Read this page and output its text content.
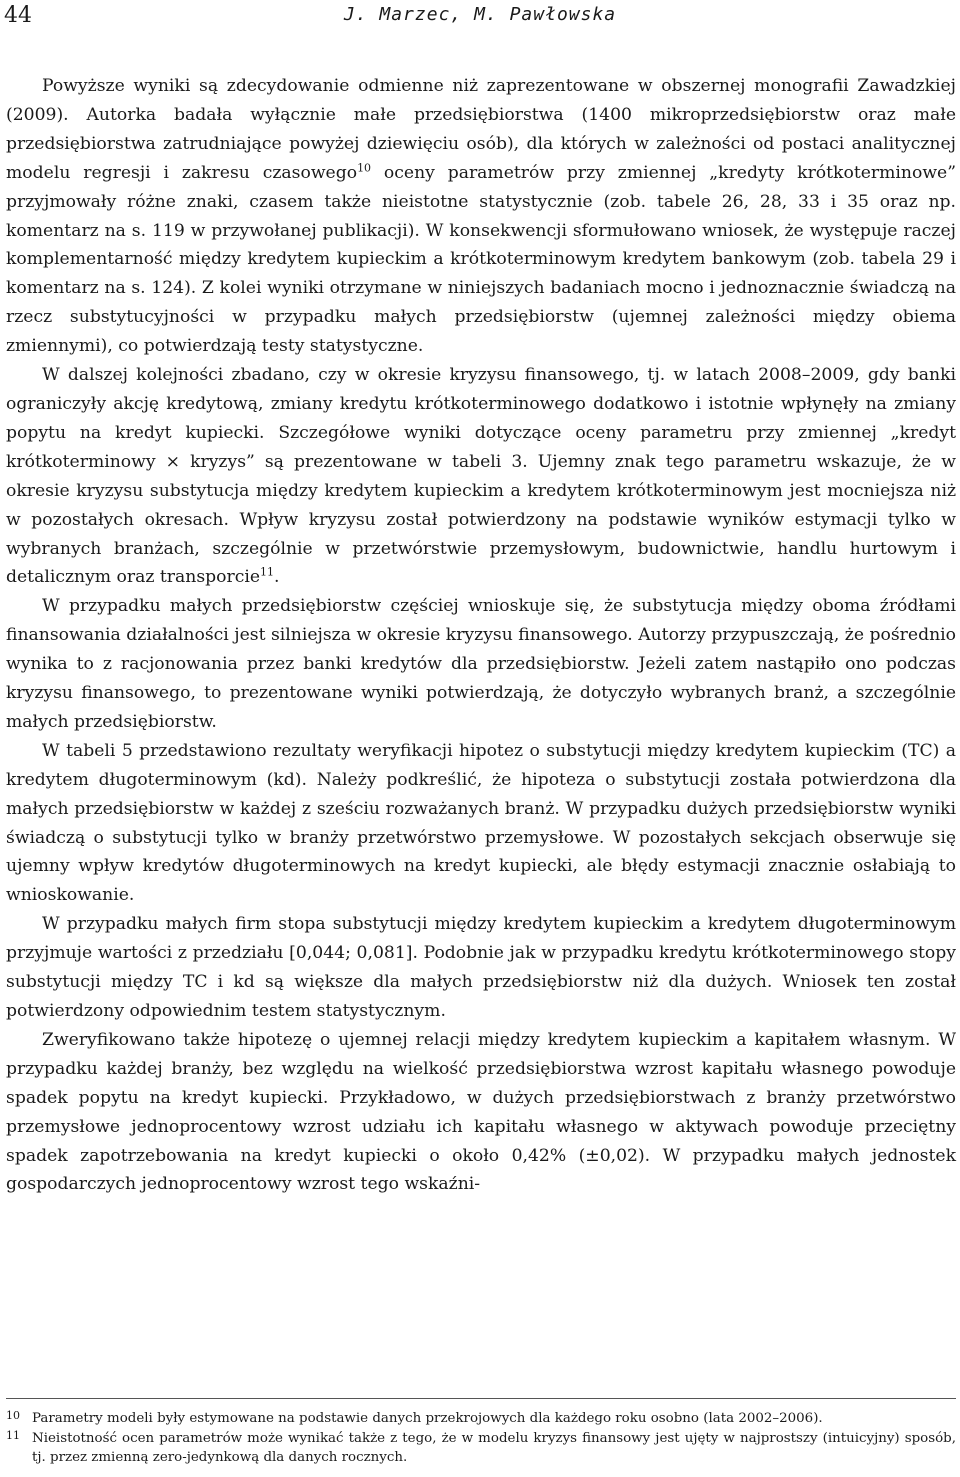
44	J. Marzec, M. Pawłowska

Powyższe wyniki są zdecydowanie odmienne niż zaprezentowane w obszernej monografii Zawadzkiej (2009). Autorka badała wyłącznie małe przedsiębiorstwa (1400 mikroprzedsiębiorstw oraz małe przedsiębiorstwa zatrudniające powyżej dziewięciu osób), dla których w zależności od postaci analitycznej modelu regresji i zakresu czasowego$^{10}$ oceny parametrów przy zmiennej „kredyty krótkoterminowe” przyjmowały różne znaki, czasem także nieistotne statystycznie (zob. tabele 26, 28, 33 i 35 oraz np. komentarz na s. 119 w przywołanej publikacji). W konsekwencji sformułowano wniosek, że występuje raczej komplementarność między kredytem kupieckim a krótkoterminowym kredytem bankowym (zob. tabela 29 i komentarz na s. 124). Z kolei wyniki otrzymane w niniejszych badaniach mocno i jednoznacznie świadczą na rzecz substytucyjności w przypadku małych przedsiębiorstw (ujemnej zależności między obiema zmiennymi), co potwierdzają testy statystyczne.

W dalszej kolejności zbadano, czy w okresie kryzysu finansowego, tj. w latach 2008–2009, gdy banki ograniczyły akcję kredytową, zmiany kredytu krótkoterminowego dodatkowo i istotnie wpłynęły na zmiany popytu na kredyt kupiecki. Szczegółowe wyniki dotyczące oceny parametru przy zmiennej „kredyt krótkoterminowy × kryzys” są prezentowane w tabeli 3. Ujemny znak tego parametru wskazuje, że w okresie kryzysu substytucja między kredytem kupieckim a kredytem krótkoterminowym jest mocniejsza niż w pozostałych okresach. Wpływ kryzysu został potwierdzony na podstawie wyników estymacji tylko w wybranych branżach, szczególnie w przetwórstwie przemysłowym, budownictwie, handlu hurtowym i detalicznym oraz transporcie$^{11}$.

W przypadku małych przedsiębiorstw częściej wnioskuje się, że substytucja między oboma źródłami finansowania działalności jest silniejsza w okresie kryzysu finansowego. Autorzy przypuszczają, że pośrednio wynika to z racjonowania przez banki kredytów dla przedsiębiorstw. Jeżeli zatem nastąpiło ono podczas kryzysu finansowego, to prezentowane wyniki potwierdzają, że dotyczyło wybranych branż, a szczególnie małych przedsiębiorstw.

W tabeli 5 przedstawiono rezultaty weryfikacji hipotez o substytucji między kredytem kupieckim (TC) a kredytem długoterminowym (kd). Należy podkreślić, że hipoteza o substytucji została potwierdzona dla małych przedsiębiorstw w każdej z sześciu rozważanych branż. W przypadku dużych przedsiębiorstw wyniki świadczą o substytucji tylko w branży przetwórstwo przemysłowe. W pozostałych sekcjach obserwuje się ujemny wpływ kredytów długoterminowych na kredyt kupiecki, ale błędy estymacji znacznie osłabiają to wnioskowanie.

W przypadku małych firm stopa substytucji między kredytem kupieckim a kredytem długoterminowym przyjmuje wartości z przedziału [0,044; 0,081]. Podobnie jak w przypadku kredytu krótkoterminowego stopy substytucji między TC i kd są większe dla małych przedsiębiorstw niż dla dużych. Wniosek ten został potwierdzony odpowiednim testem statystycznym.

Zweryfikowano także hipotezę o ujemnej relacji między kredytem kupieckim a kapitałem własnym. W przypadku każdej branży, bez względu na wielkość przedsiębiorstwa wzrost kapitału własnego powoduje spadek popytu na kredyt kupiecki. Przykładowo, w dużych przedsiębiorstwach z branży przetwórstwo przemysłowe jednoprocentowy wzrost udziału ich kapitału własnego w aktywach powoduje przeciętny spadek zapotrzebowania na kredyt kupiecki o około 0,42% (±0,02). W przypadku małych jednostek gospodarczych jednoprocentowy wzrost tego wskaźni-

10 Parametry modeli były estymowane na podstawie danych przekrojowych dla każdego roku osobno (lata 2002–2006).
11 Nieistotność ocen parametrów może wynikać także z tego, że w modelu kryzys finansowy jest ujęty w najprostszy (intuicyjny) sposób, tj. przez zmienną zero-jedynkową dla danych rocznych.
